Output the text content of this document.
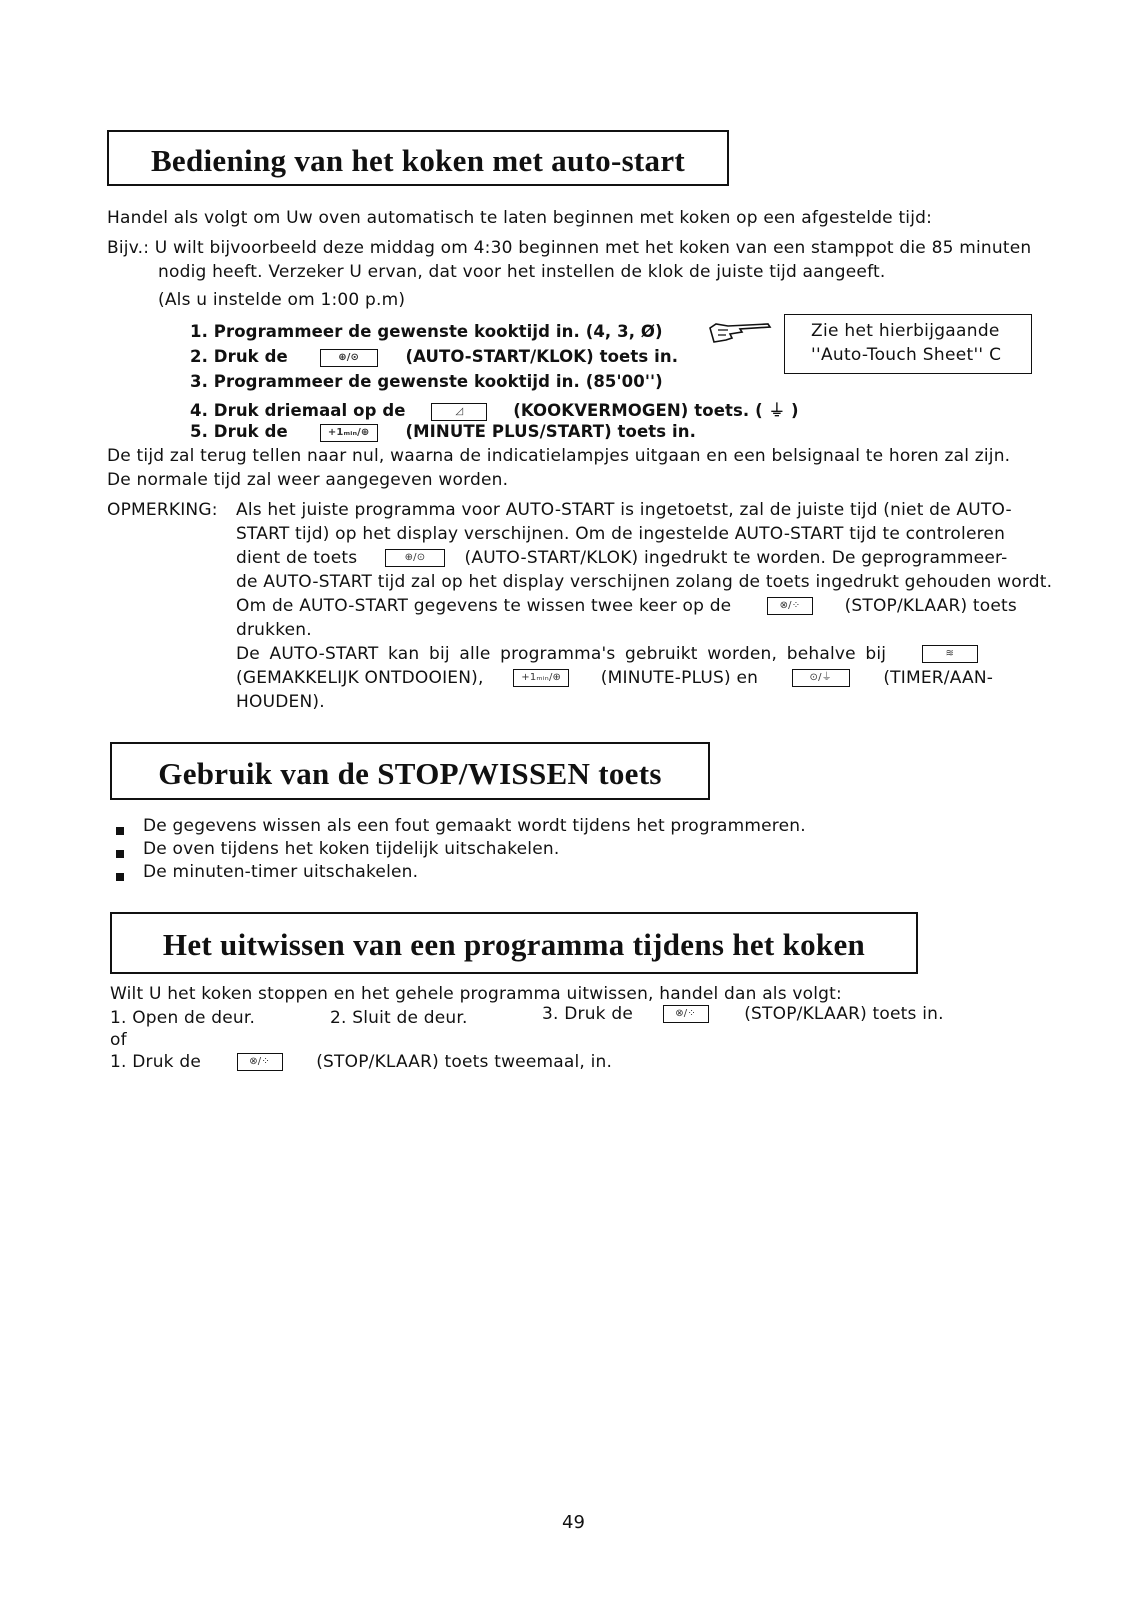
Bediening van het koken met auto-start
Handel als volgt om Uw oven automatisch te laten beginnen met koken op een afgestelde tijd:
Bijv.: U wilt bijvoorbeeld deze middag om 4:30 beginnen met het koken van een stamppot die 85 minuten
nodig heeft. Verzeker U ervan, dat voor het instellen de klok de juiste tijd aangeeft.
(Als u instelde om 1:00 p.m)
1. Programmeer de gewenste kooktijd in. (4, 3, Ø)
2. Druk de	⊕/⊙	(AUTO-START/KLOK) toets in.
3. Programmeer de gewenste kooktijd in. (85'00'')
4. Druk driemaal op de	◿	(KOOKVERMOGEN) toets. ( ⏚ )
5. Druk de	+1ₘᵢₙ/⊕ (MINUTE PLUS/START) toets in.
Zie het hierbijgaande
''Auto-Touch Sheet'' C
De tijd zal terug tellen naar nul, waarna de indicatielampjes uitgaan en een belsignaal te horen zal zijn.
De normale tijd zal weer aangegeven worden.
OPMERKING: Als het juiste programma voor AUTO-START is ingetoetst, zal de juiste tijd (niet de AUTO-
START tijd) op het display verschijnen. Om de ingestelde AUTO-START tijd te controleren
dient de toets	⊕/⊙ (AUTO-START/KLOK) ingedrukt te worden. De geprogrammeer-
de AUTO-START tijd zal op het display verschijnen zolang de toets ingedrukt gehouden wordt.
Om de AUTO-START gegevens te wissen twee keer op de	⊗/⁘	(STOP/KLAAR) toets
drukken.
De AUTO-START kan bij alle programma's gebruikt worden, behalve bij	≋
(GEMAKKELIJK ONTDOOIEN),	+1ₘᵢₙ/⊕ (MINUTE-PLUS) en	⊙/⏚	(TIMER/AAN-
HOUDEN).
Gebruik van de STOP/WISSEN toets
De gegevens wissen als een fout gemaakt wordt tijdens het programmeren.
De oven tijdens het koken tijdelijk uitschakelen.
De minuten-timer uitschakelen.
Het uitwissen van een programma tijdens het koken
Wilt U het koken stoppen en het gehele programma uitwissen, handel dan als volgt:
1. Open de deur.	2. Sluit de deur.	3. Druk de	⊗/⁘	(STOP/KLAAR) toets in.
of
1. Druk de	⊗/⁘	(STOP/KLAAR) toets tweemaal, in.
49
